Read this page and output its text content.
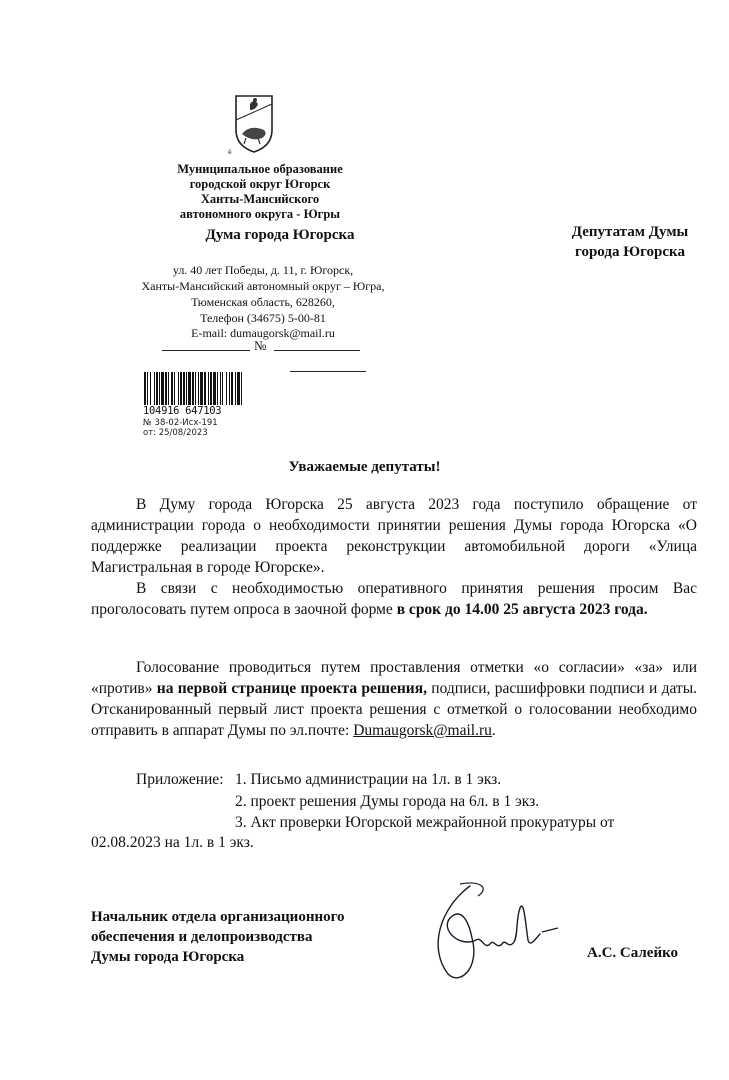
ё
Муниципальное образование
городской округ Югорск
Ханты-Мансийского
автономного округа - Югры
Дума города Югорска
ул. 40 лет Победы, д. 11, г. Югорск,
Ханты-Мансийский автономный округ – Югра,
Тюменская область, 628260,
Телефон (34675) 5-00-81
E-mail: dumaugorsk@mail.ru
№
104916 647103
№ 38-02-Исх-191
от: 25/08/2023
Депутатам Думы
города Югорска
Уважаемые депутаты!

В Думу города Югорска 25 августа 2023 года поступило обращение от администрации города о необходимости принятии решения Думы города Югорска «О поддержке реализации проекта реконструкции автомобильной дороги «Улица Магистральная в городе Югорске».

В связи с необходимостью оперативного принятия решения просим Вас проголосовать путем опроса в заочной форме в срок до 14.00 25 августа 2023 года.

Голосование проводиться путем проставления отметки «о согласии» «за» или «против» на первой странице проекта решения, подписи, расшифровки подписи и даты. Отсканированный первый лист проекта решения с отметкой о голосовании необходимо отправить в аппарат Думы по эл.почте: Dumaugorsk@mail.ru.

Приложение: 1. Письмо администрации на 1л. в 1 экз.
2. проект решения Думы города на 6л. в 1 экз.
3. Акт проверки Югорской межрайонной прокуратуры от
02.08.2023 на 1л. в 1 экз.
Начальник отдела организационного
обеспечения и делопроизводства
Думы города Югорска	А.С. Салейко
